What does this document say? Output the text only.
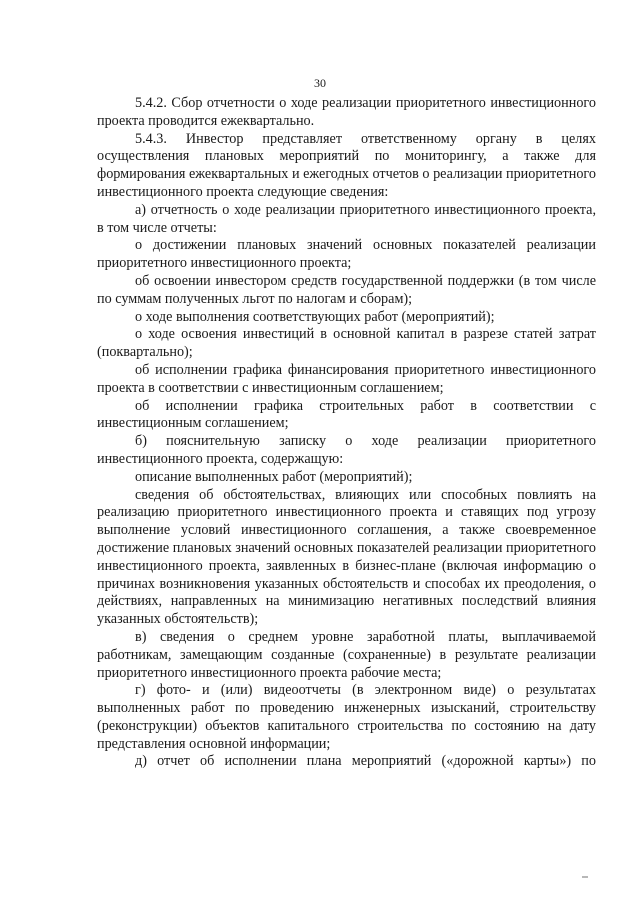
30

5.4.2. Сбор отчетности о ходе реализации приоритетного инвестиционного проекта проводится ежеквартально.

5.4.3. Инвестор представляет ответственному органу в целях осуществления плановых мероприятий по мониторингу, а также для формирования ежеквартальных и ежегодных отчетов о реализации приоритетного инвестиционного проекта следующие сведения:

а) отчетность о ходе реализации приоритетного инвестиционного проекта, в том числе отчеты:

о достижении плановых значений основных показателей реализации приоритетного инвестиционного проекта;

об освоении инвестором средств государственной поддержки (в том числе по суммам полученных льгот по налогам и сборам);

о ходе выполнения соответствующих работ (мероприятий);

о ходе освоения инвестиций в основной капитал в разрезе статей затрат (поквартально);

об исполнении графика финансирования приоритетного инвестиционного проекта в соответствии с инвестиционным соглашением;

об исполнении графика строительных работ в соответствии с инвестиционным соглашением;

б) пояснительную записку о ходе реализации приоритетного инвестиционного проекта, содержащую:

описание выполненных работ (мероприятий);

сведения об обстоятельствах, влияющих или способных повлиять на реализацию приоритетного инвестиционного проекта и ставящих под угрозу выполнение условий инвестиционного соглашения, а также своевременное достижение плановых значений основных показателей реализации приоритетного инвестиционного проекта, заявленных в бизнес-плане (включая информацию о причинах возникновения указанных обстоятельств и способах их преодоления, о действиях, направленных на минимизацию негативных последствий влияния указанных обстоятельств);

в) сведения о среднем уровне заработной платы, выплачиваемой работникам, замещающим созданные (сохраненные) в результате реализации приоритетного инвестиционного проекта рабочие места;

г) фото- и (или) видеоотчеты (в электронном виде) о результатах выполненных работ по проведению инженерных изысканий, строительству (реконструкции) объектов капитального строительства по состоянию на дату представления основной информации;

д) отчет об исполнении плана мероприятий («дорожной карты») по
